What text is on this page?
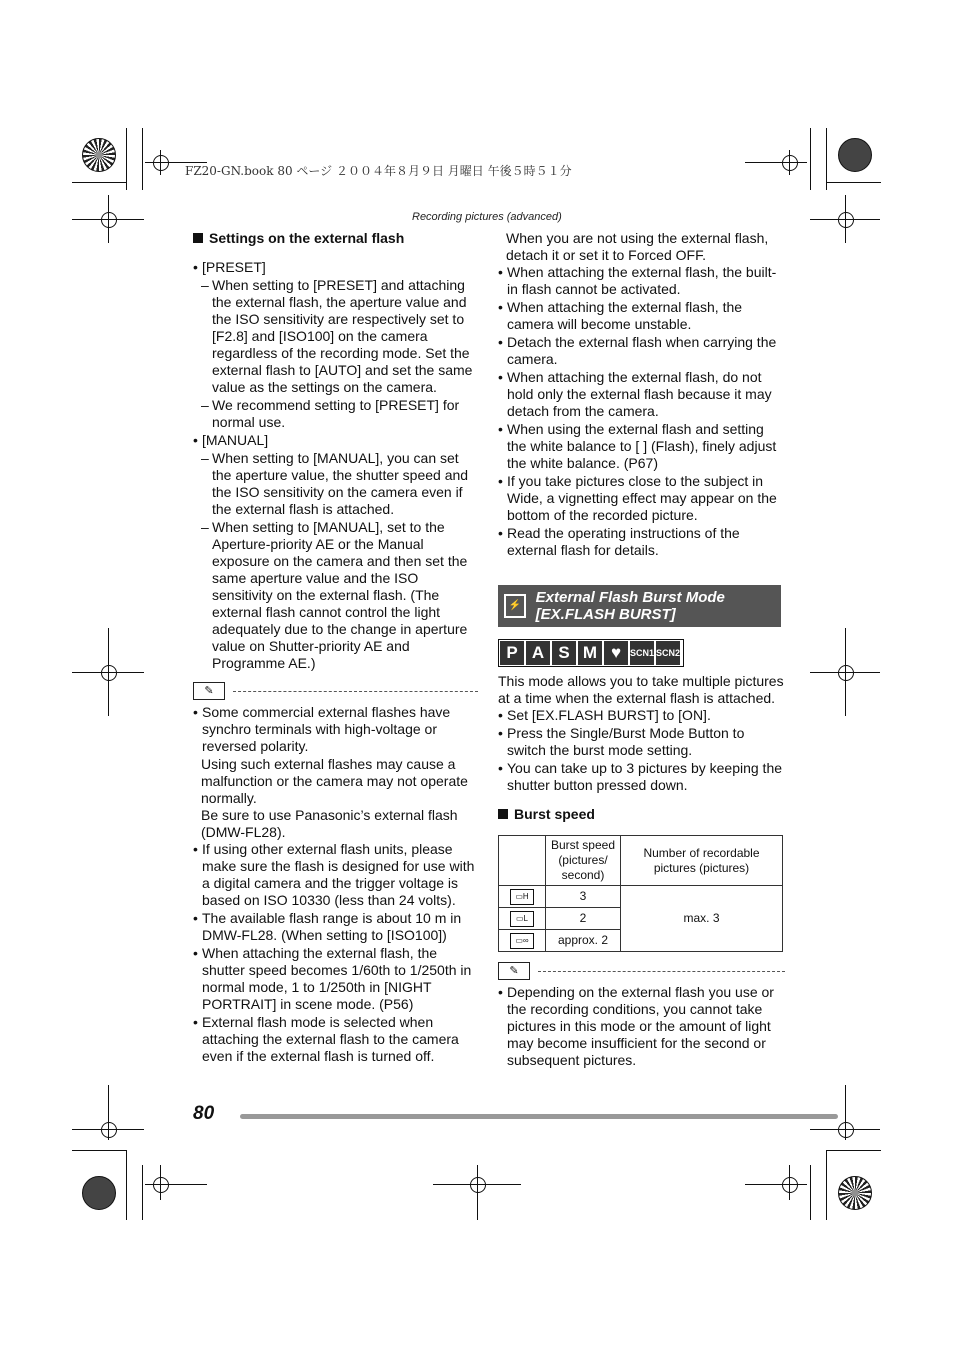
FZ20-GN.book 80 ページ ２００４年８月９日 月曜日 午後５時５１分
Recording pictures (advanced)
Settings on the external flash
• [PRESET]
– When setting to [PRESET] and attaching the external flash, the aperture value and the ISO sensitivity are respectively set to [F2.8] and [ISO100] on the camera regardless of the recording mode. Set the external flash to [AUTO] and set the same value as the settings on the camera.
– We recommend setting to [PRESET] for normal use.
• [MANUAL]
– When setting to [MANUAL], you can set the aperture value, the shutter speed and the ISO sensitivity on the camera even if the external flash is attached.
– When setting to [MANUAL], set to the Aperture-priority AE or the Manual exposure on the camera and then set the same aperture value and the ISO sensitivity on the external flash. (The external flash cannot control the light adequately due to the change in aperture value on Shutter-priority AE and Programme AE.)
✎
• Some commercial external flashes have synchro terminals with high-voltage or reversed polarity.
Using such external flashes may cause a malfunction or the camera may not operate normally.
Be sure to use Panasonic’s external flash (DMW-FL28).
• If using other external flash units, please make sure the flash is designed for use with a digital camera and the trigger voltage is based on ISO 10330 (less than 24 volts).
• The available flash range is about 10 m in DMW-FL28. (When setting to [ISO100])
• When attaching the external flash, the shutter speed becomes 1/60th to 1/250th in normal mode, 1 to 1/250th in [NIGHT PORTRAIT] in scene mode. (P56)
• External flash mode is selected when attaching the external flash to the camera even if the external flash is turned off.
When you are not using the external flash, detach it or set it to Forced OFF.
• When attaching the external flash, the built-in flash cannot be activated.
• When attaching the external flash, the camera will become unstable.
• Detach the external flash when carrying the camera.
• When attaching the external flash, do not hold only the external flash because it may detach from the camera.
• When using the external flash and setting the white balance to [ ] (Flash), finely adjust the white balance. (P67)
• If you take pictures close to the subject in Wide, a vignetting effect may appear on the bottom of the recorded picture.
• Read the operating instructions of the external flash for details.
⚡ External Flash Burst Mode [EX.FLASH BURST]
P A S M ♥ SCN1 SCN2
This mode allows you to take multiple pictures at a time when the external flash is attached.
• Set [EX.FLASH BURST] to [ON].
• Press the Single/Burst Mode Button to switch the burst mode setting.
• You can take up to 3 pictures by keeping the shutter button pressed down.
Burst speed
	Burst speed (pictures/ second)	Number of recordable pictures (pictures)
▭H	3	max. 3
▭L	2	
▭∞	approx. 2	
✎
• Depending on the external flash you use or the recording conditions, you cannot take pictures in this mode or the amount of light may become insufficient for the second or subsequent pictures.
80
